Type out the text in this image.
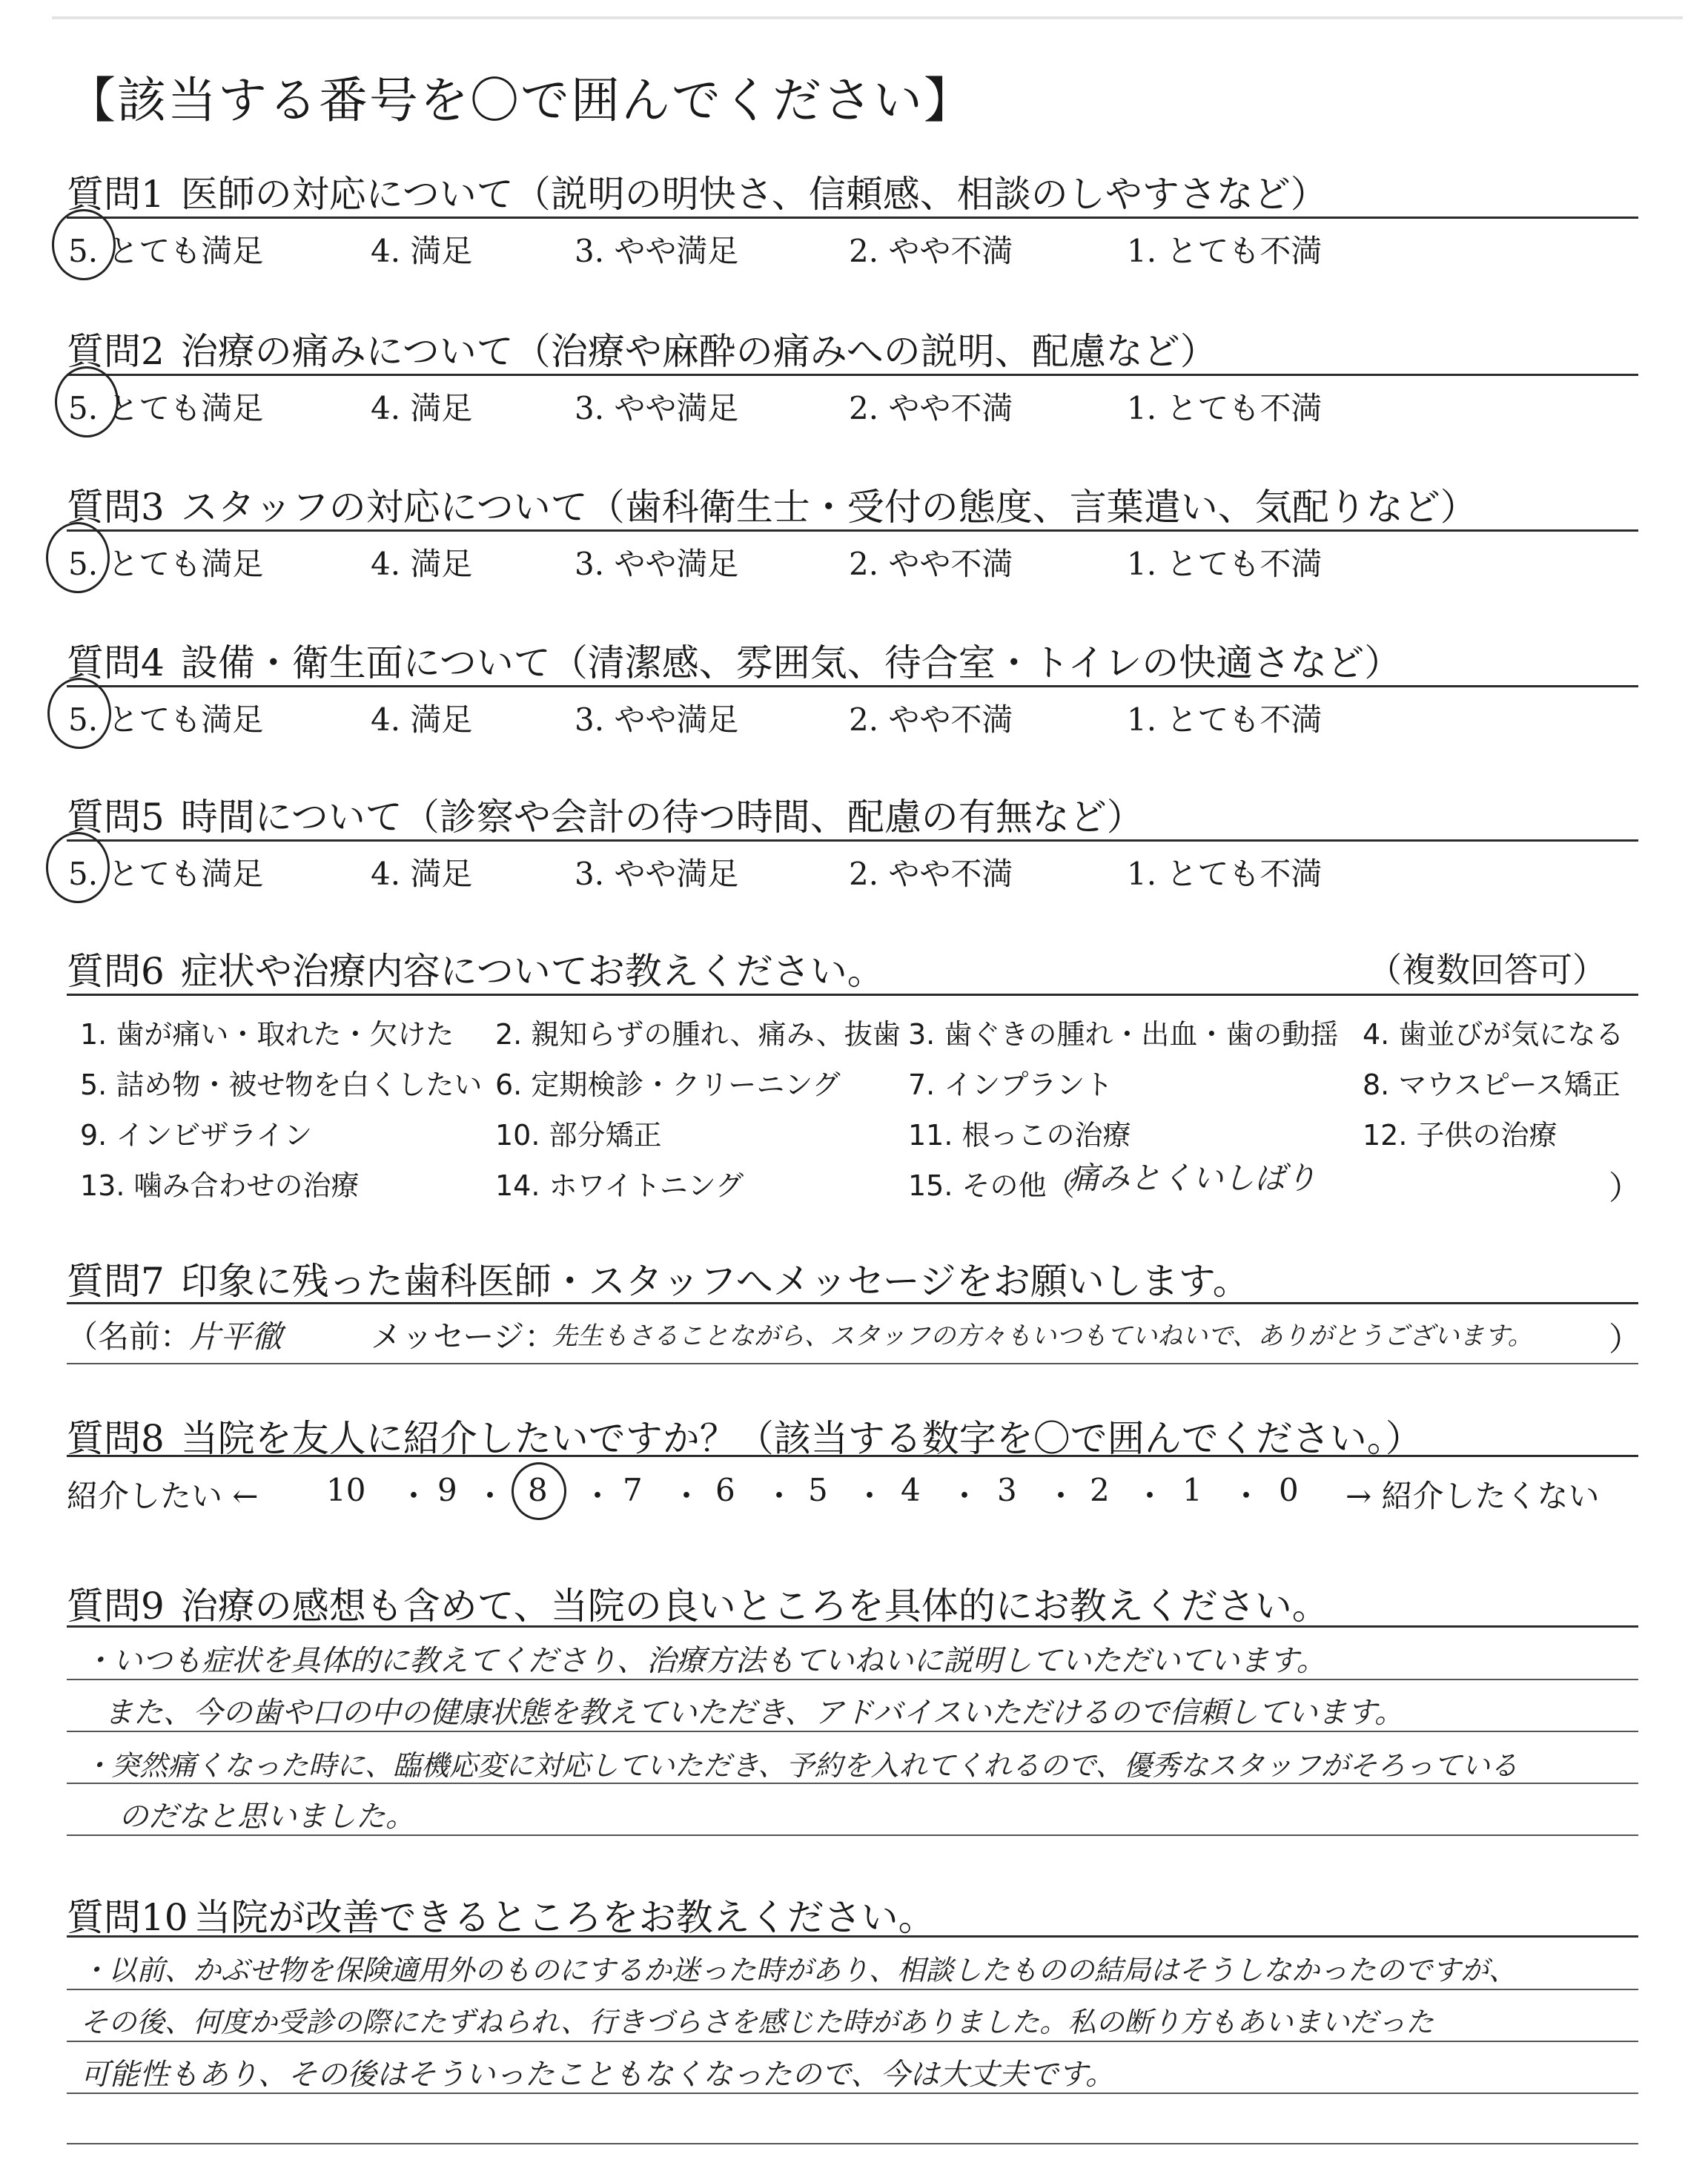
【該当する番号を〇で囲んでください】
質問1 医師の対応について（説明の明快さ、信頼感、相談のしやすさなど）
5. とても満足	4. 満足	3. やや満足	2. やや不満	1. とても不満
質問2 治療の痛みについて（治療や麻酔の痛みへの説明、配慮など）
5. とても満足	4. 満足	3. やや満足	2. やや不満	1. とても不満
質問3 スタッフの対応について（歯科衛生士・受付の態度、言葉遣い、気配りなど）
5. とても満足	4. 満足	3. やや満足	2. やや不満	1. とても不満
質問4 設備・衛生面について（清潔感、雰囲気、待合室・トイレの快適さなど）
5. とても満足	4. 満足	3. やや満足	2. やや不満	1. とても不満
質問5 時間について（診察や会計の待つ時間、配慮の有無など）
5. とても満足	4. 満足	3. やや満足	2. やや不満	1. とても不満
質問6 症状や治療内容についてお教えください。	（複数回答可）
1. 歯が痛い・取れた・欠けた 2. 親知らずの腫れ、痛み、抜歯 3. 歯ぐきの腫れ・出血・歯の動揺 4. 歯並びが気になる
5. 詰め物・被せ物を白くしたい 6. 定期検診・クリーニング 7. インプラント	8. マウスピース矯正
9. インビザライン	10. 部分矯正	11. 根っこの治療	12. 子供の治療
13. 噛み合わせの治療	14. ホワイトニング	15. その他（
痛みとくいしばり	）
質問7 印象に残った歯科医師・スタッフへメッセージをお願いします。
（名前：
片平徹	メッセージ：
先生もさることながら、スタッフの方々もいつもていねいで、ありがとうございます。 ）
質問8 当院を友人に紹介したいですか？（該当する数字を〇で囲んでください。）
紹介したい ← 10 ・ 9 ・ 8 ・ 7 ・ 6 ・ 5 ・ 4 ・ 3 ・ 2 ・ 1 ・ 0 → 紹介したくない
質問9 治療の感想も含めて、当院の良いところを具体的にお教えください。
・いつも症状を具体的に教えてくださり、治療方法もていねいに説明していただいています。
また、今の歯や口の中の健康状態を教えていただき、アドバイスいただけるので信頼しています。
・突然痛くなった時に、臨機応変に対応していただき、予約を入れてくれるので、優秀なスタッフがそろっている
のだなと思いました。
質問10 当院が改善できるところをお教えください。
・以前、かぶせ物を保険適用外のものにするか迷った時があり、相談したものの結局はそうしなかったのですが、
その後、何度か受診の際にたずねられ、行きづらさを感じた時がありました。私の断り方もあいまいだった
可能性もあり、その後はそういったこともなくなったので、今は大丈夫です。
